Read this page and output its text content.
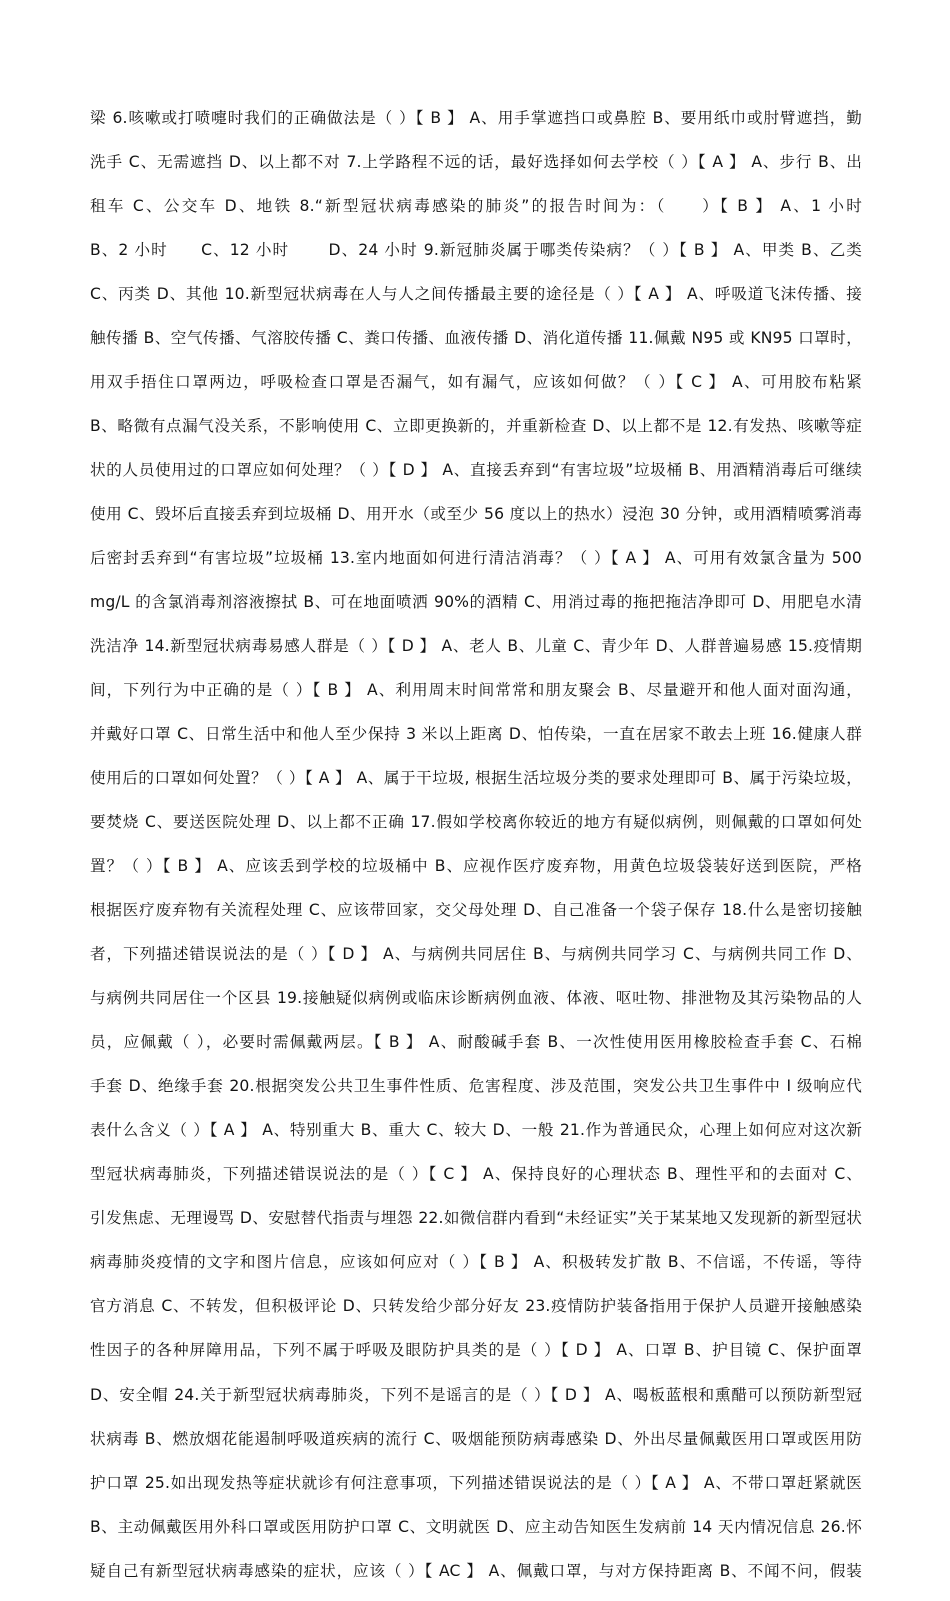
梁 6.咳嗽或打喷嚏时我们的正确做法是（ ）【 B 】 A、用手掌遮挡口或鼻腔 B、要用纸巾或肘臂遮挡，勤

洗手 C、无需遮挡 D、以上都不对 7.上学路程不远的话，最好选择如何去学校（ ）【 A 】 A、步行 B、出

租车 C、公交车 D、地铁 8.“新型冠状病毒感染的肺炎”的报告时间为：（　　）【 B 】 A、1 小时

B、2 小时　　C、12 小时　　 D、24 小时 9.新冠肺炎属于哪类传染病？（ ）【 B 】 A、甲类 B、乙类

C、丙类 D、其他 10.新型冠状病毒在人与人之间传播最主要的途径是（ ）【 A 】 A、呼吸道飞沫传播、接

触传播 B、空气传播、气溶胶传播 C、粪口传播、血液传播 D、消化道传播 11.佩戴 N95 或 KN95 口罩时，

用双手捂住口罩两边，呼吸检查口罩是否漏气，如有漏气，应该如何做？（ ）【 C 】 A、可用胶布粘紧

B、略微有点漏气没关系，不影响使用 C、立即更换新的，并重新检查 D、以上都不是 12.有发热、咳嗽等症

状的人员使用过的口罩应如何处理？（ ）【 D 】 A、直接丢弃到“有害垃圾”垃圾桶 B、用酒精消毒后可继续

使用 C、毁坏后直接丢弃到垃圾桶 D、用开水（或至少 56 度以上的热水）浸泡 30 分钟，或用酒精喷雾消毒

后密封丢弃到“有害垃圾”垃圾桶 13.室内地面如何进行清洁消毒？（ ）【 A 】 A、可用有效氯含量为 500

mg/L 的含氯消毒剂溶液擦拭 B、可在地面喷洒 90%的酒精 C、用消过毒的拖把拖洁净即可 D、用肥皂水清

洗洁净 14.新型冠状病毒易感人群是（ ）【 D 】 A、老人 B、儿童 C、青少年 D、人群普遍易感 15.疫情期

间，下列行为中正确的是（ ）【 B 】 A、利用周末时间常常和朋友聚会 B、尽量避开和他人面对面沟通，

并戴好口罩 C、日常生活中和他人至少保持 3 米以上距离 D、怕传染，一直在居家不敢去上班 16.健康人群

使用后的口罩如何处置？（ ）【 A 】 A、属于干垃圾, 根据生活垃圾分类的要求处理即可 B、属于污染垃圾，

要焚烧 C、要送医院处理 D、以上都不正确 17.假如学校离你较近的地方有疑似病例，则佩戴的口罩如何处

置？（ ）【 B 】 A、应该丢到学校的垃圾桶中 B、应视作医疗废弃物，用黄色垃圾袋装好送到医院，严格

根据医疗废弃物有关流程处理 C、应该带回家，交父母处理 D、自己准备一个袋子保存 18.什么是密切接触

者，下列描述错误说法的是（ ）【 D 】 A、与病例共同居住 B、与病例共同学习 C、与病例共同工作 D、

与病例共同居住一个区县 19.接触疑似病例或临床诊断病例血液、体液、呕吐物、排泄物及其污染物品的人

员，应佩戴（ ），必要时需佩戴两层。【 B 】 A、耐酸碱手套 B、一次性使用医用橡胶检查手套 C、石棉

手套 D、绝缘手套 20.根据突发公共卫生事件性质、危害程度、涉及范围，突发公共卫生事件中 I 级响应代

表什么含义（ ）【 A 】 A、特别重大 B、重大 C、较大 D、一般 21.作为普通民众，心理上如何应对这次新

型冠状病毒肺炎，下列描述错误说法的是（ ）【 C 】 A、保持良好的心理状态 B、理性平和的去面对 C、

引发焦虑、无理谩骂 D、安慰替代指责与埋怨 22.如微信群内看到“未经证实”关于某某地又发现新的新型冠状

病毒肺炎疫情的文字和图片信息，应该如何应对（ ）【 B 】 A、积极转发扩散 B、不信谣，不传谣，等待

官方消息 C、不转发，但积极评论 D、只转发给少部分好友 23.疫情防护装备指用于保护人员避开接触感染

性因子的各种屏障用品，下列不属于呼吸及眼防护具类的是（ ）【 D 】 A、口罩 B、护目镜 C、保护面罩

D、安全帽 24.关于新型冠状病毒肺炎，下列不是谣言的是（ ）【 D 】 A、喝板蓝根和熏醋可以预防新型冠

状病毒 B、燃放烟花能遏制呼吸道疾病的流行 C、吸烟能预防病毒感染 D、外出尽量佩戴医用口罩或医用防

护口罩 25.如出现发热等症状就诊有何注意事项，下列描述错误说法的是（ ）【 A 】 A、不带口罩赶紧就医

B、主动佩戴医用外科口罩或医用防护口罩 C、文明就医 D、应主动告知医生发病前 14 天内情况信息 26.怀

疑自己有新型冠状病毒感染的症状，应该（ ）【 AC 】 A、佩戴口罩，与对方保持距离 B、不闻不问，假装
